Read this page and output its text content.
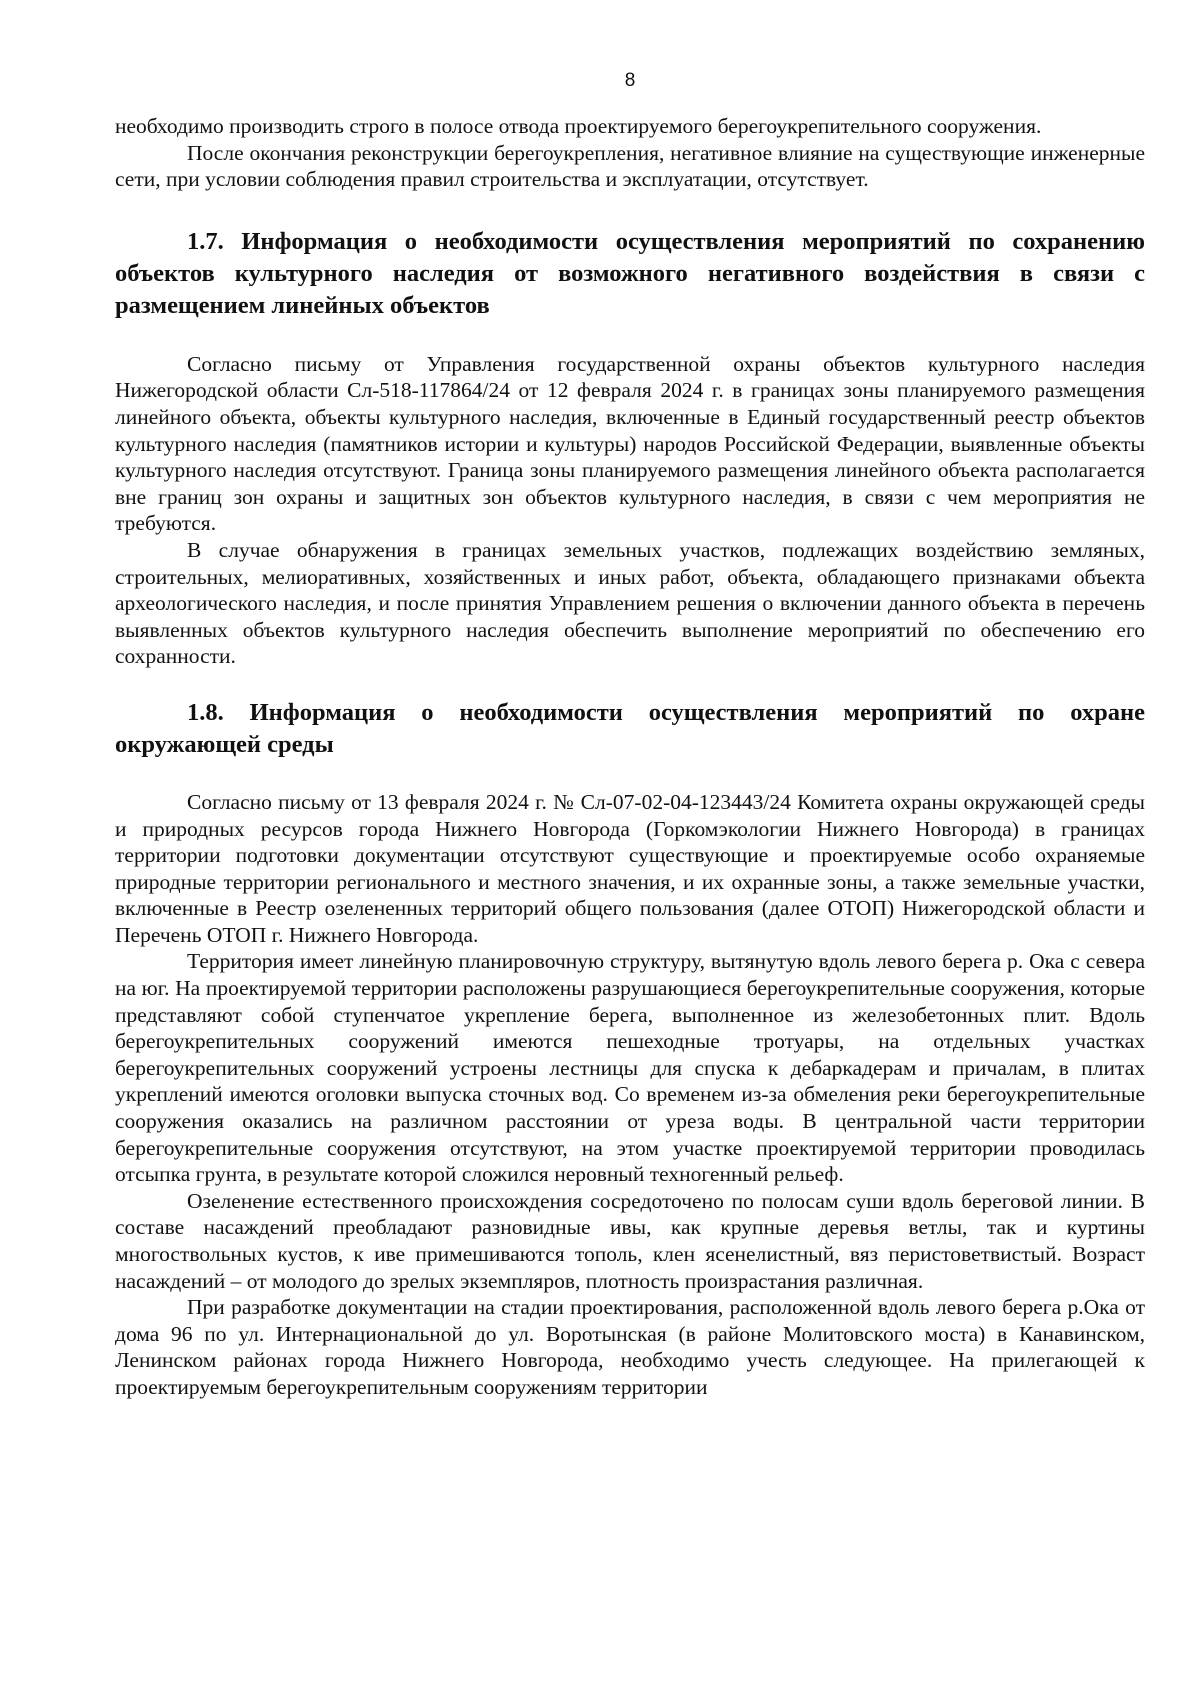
8

необходимо производить строго в полосе отвода проектируемого берегоукрепительного сооружения.

После окончания реконструкции берегоукрепления, негативное влияние на существующие инженерные сети, при условии соблюдения правил строительства и эксплуатации, отсутствует.

1.7. Информация о необходимости осуществления мероприятий по сохранению объектов культурного наследия от возможного негативного воздействия в связи с размещением линейных объектов

Согласно письму от Управления государственной охраны объектов культурного наследия Нижегородской области Сл-518-117864/24 от 12 февраля 2024 г. в границах зоны планируемого размещения линейного объекта, объекты культурного наследия, включенные в Единый государственный реестр объектов культурного наследия (памятников истории и культуры) народов Российской Федерации, выявленные объекты культурного наследия отсутствуют. Граница зоны планируемого размещения линейного объекта располагается вне границ зон охраны и защитных зон объектов культурного наследия, в связи с чем мероприятия не требуются.

В случае обнаружения в границах земельных участков, подлежащих воздействию земляных, строительных, мелиоративных, хозяйственных и иных работ, объекта, обладающего признаками объекта археологического наследия, и после принятия Управлением решения о включении данного объекта в перечень выявленных объектов культурного наследия обеспечить выполнение мероприятий по обеспечению его сохранности.

1.8. Информация о необходимости осуществления мероприятий по охране окружающей среды

Согласно письму от 13 февраля 2024 г. № Сл-07-02-04-123443/24 Комитета охраны окружающей среды и природных ресурсов города Нижнего Новгорода (Горкомэкологии Нижнего Новгорода) в границах территории подготовки документации отсутствуют существующие и проектируемые особо охраняемые природные территории регионального и местного значения, и их охранные зоны, а также земельные участки, включенные в Реестр озелененных территорий общего пользования (далее ОТОП) Нижегородской области и Перечень ОТОП г. Нижнего Новгорода.

Территория имеет линейную планировочную структуру, вытянутую вдоль левого берега р. Ока с севера на юг. На проектируемой территории расположены разрушающиеся берегоукрепительные сооружения, которые представляют собой ступенчатое укрепление берега, выполненное из железобетонных плит. Вдоль берегоукрепительных сооружений имеются пешеходные тротуары, на отдельных участках берегоукрепительных сооружений устроены лестницы для спуска к дебаркадерам и причалам, в плитах укреплений имеются оголовки выпуска сточных вод. Со временем из-за обмеления реки берегоукрепительные сооружения оказались на различном расстоянии от уреза воды. В центральной части территории берегоукрепительные сооружения отсутствуют, на этом участке проектируемой территории проводилась отсыпка грунта, в результате которой сложился неровный техногенный рельеф.

Озеленение естественного происхождения сосредоточено по полосам суши вдоль береговой линии. В составе насаждений преобладают разновидные ивы, как крупные деревья ветлы, так и куртины многоствольных кустов, к иве примешиваются тополь, клен ясенелистный, вяз перистоветвистый. Возраст насаждений – от молодого до зрелых экземпляров, плотность произрастания различная.

При разработке документации на стадии проектирования, расположенной вдоль левого берега р.Ока от дома 96 по ул. Интернациональной до ул. Воротынская (в районе Молитовского моста) в Канавинском, Ленинском районах города Нижнего Новгорода, необходимо учесть следующее. На прилегающей к проектируемым берегоукрепительным сооружениям территории
